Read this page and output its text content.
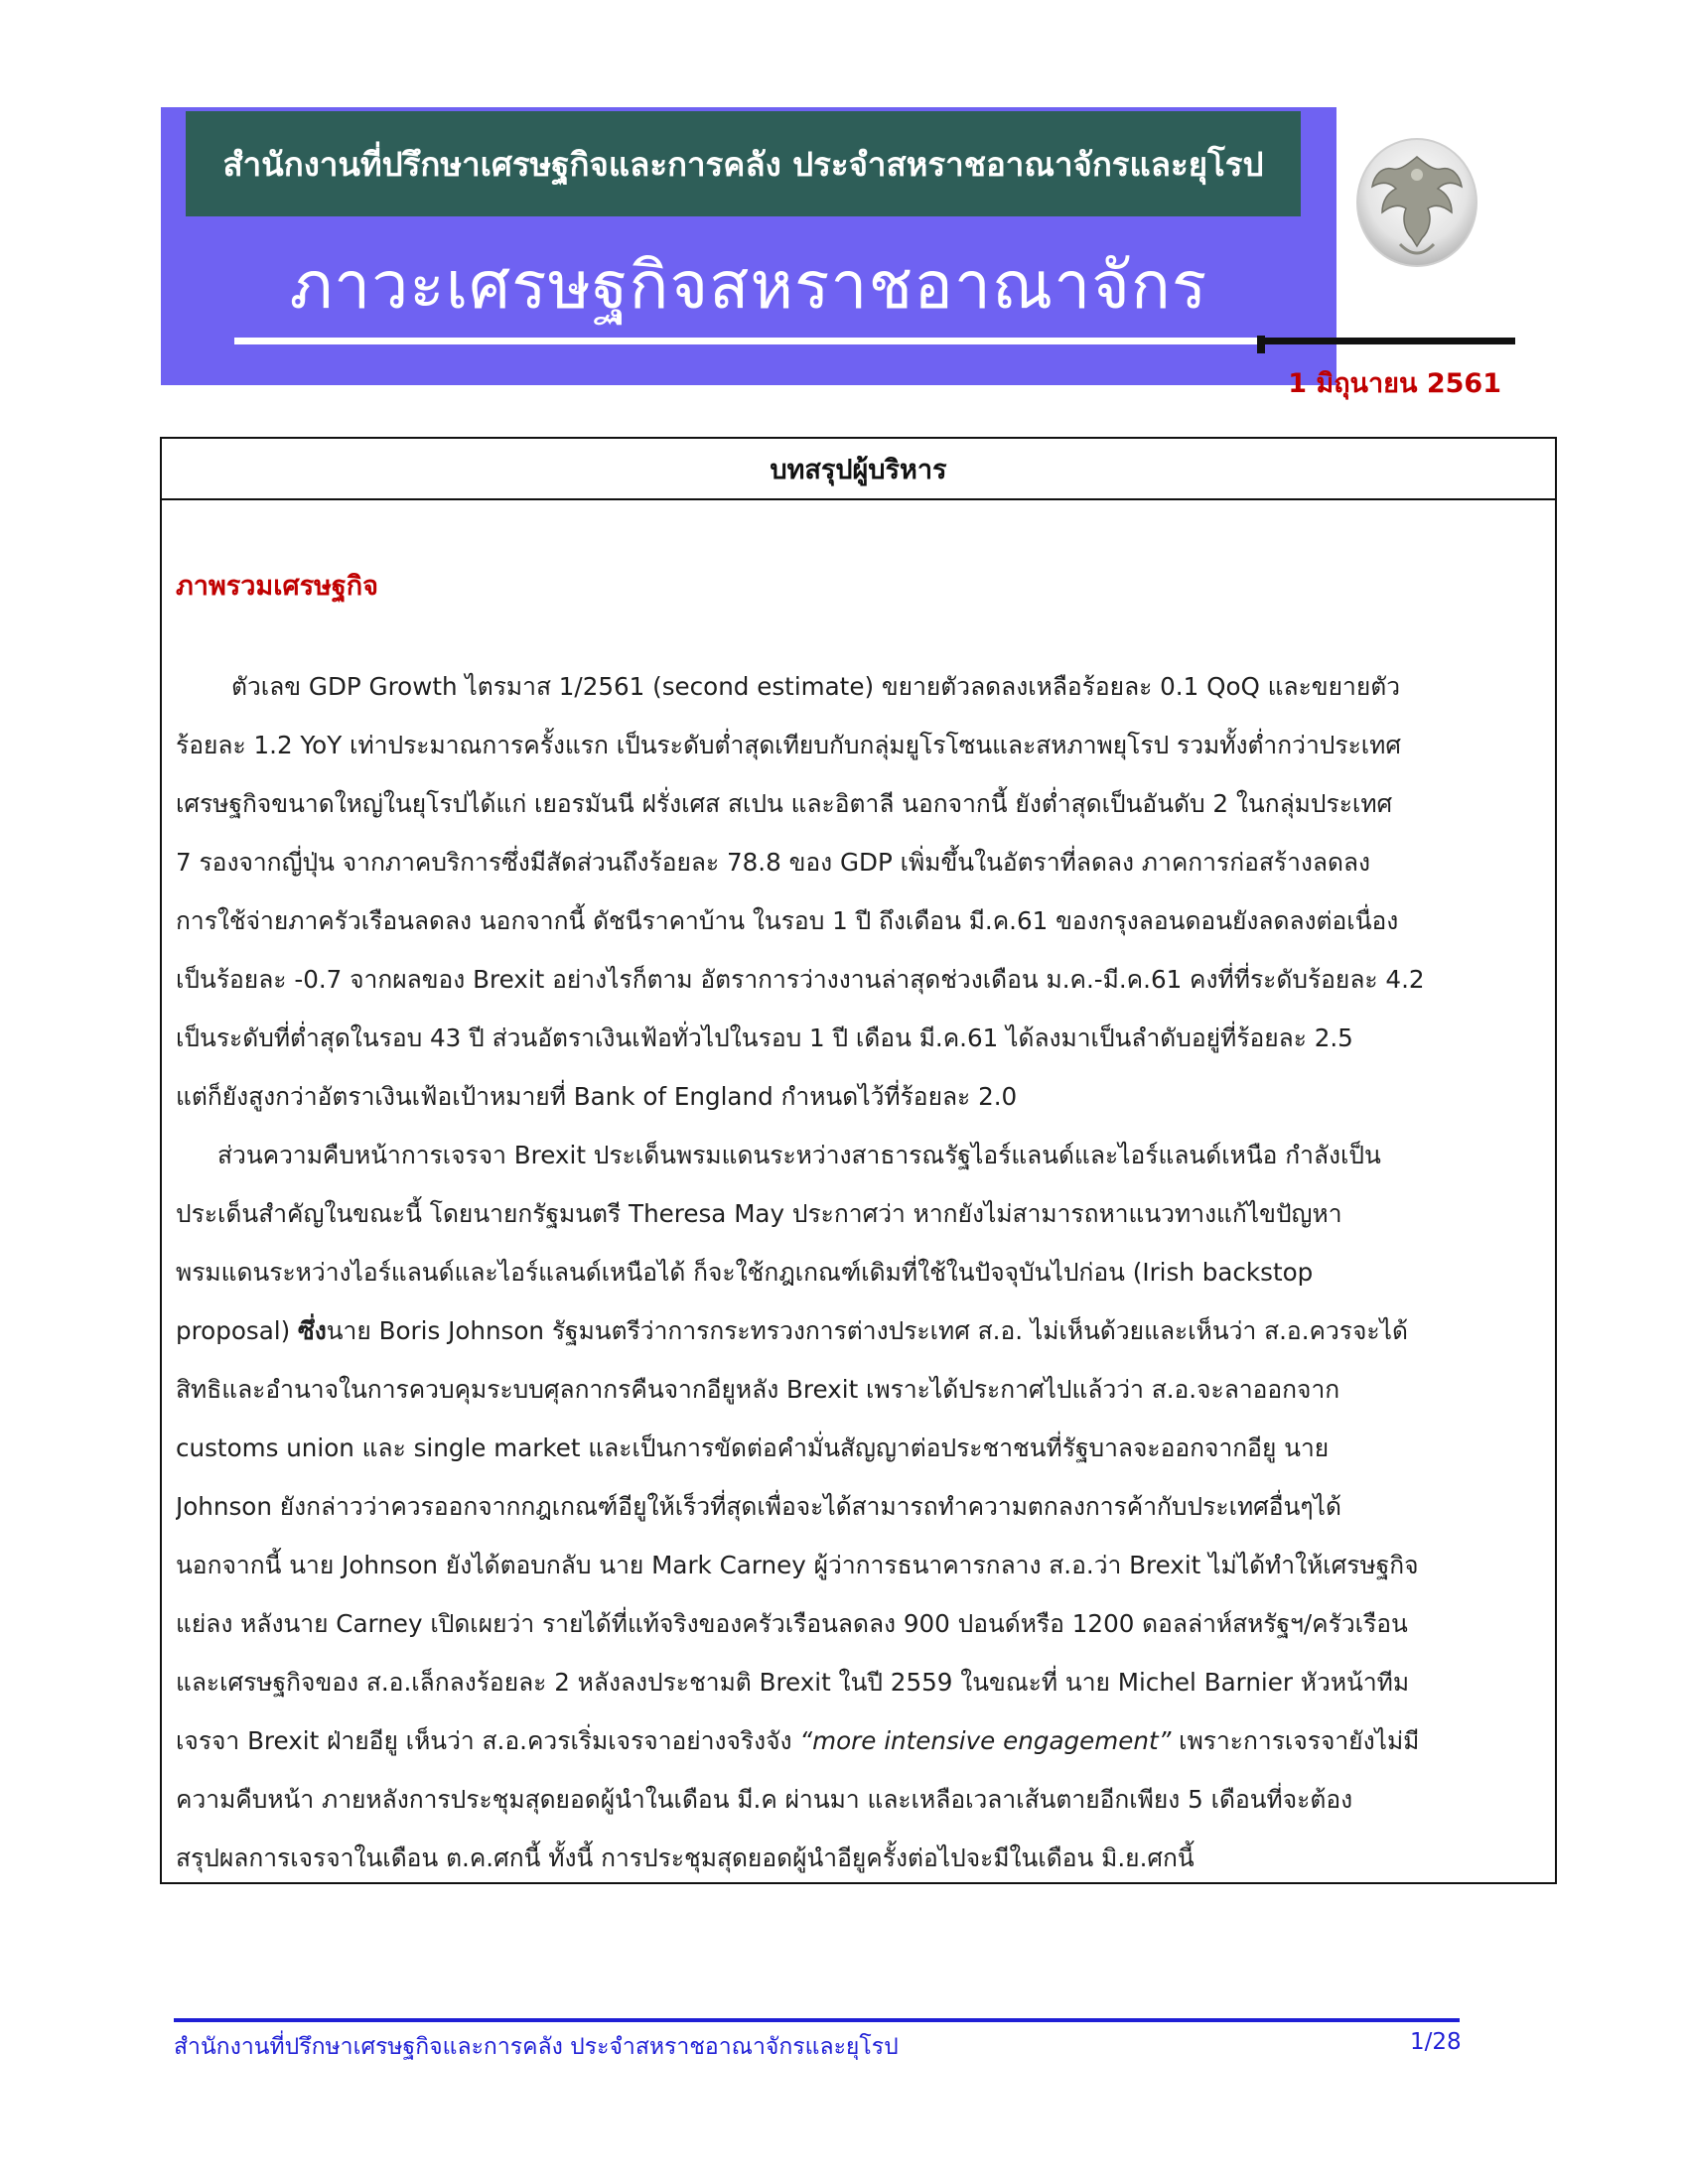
สำนักงานที่ปรึกษาเศรษฐกิจและการคลัง ประจำสหราชอาณาจักรและยุโรป
ภาวะเศรษฐกิจสหราชอาณาจักร
1 มิถุนายน 2561
บทสรุปผู้บริหาร
ภาพรวมเศรษฐกิจ
ตัวเลข GDP Growth ไตรมาส 1/2561 (second estimate) ขยายตัวลดลงเหลือร้อยละ 0.1 QoQ และขยายตัว
ร้อยละ 1.2 YoY เท่าประมาณการครั้งแรก เป็นระดับต่ำสุดเทียบกับกลุ่มยูโรโซนและสหภาพยุโรป รวมทั้งต่ำกว่าประเทศ
เศรษฐกิจขนาดใหญ่ในยุโรปได้แก่ เยอรมันนี ฝรั่งเศส สเปน และอิตาลี นอกจากนี้ ยังต่ำสุดเป็นอันดับ 2 ในกลุ่มประเทศ
7 รองจากญี่ปุ่น จากภาคบริการซึ่งมีสัดส่วนถึงร้อยละ 78.8 ของ GDP เพิ่มขึ้นในอัตราที่ลดลง ภาคการก่อสร้างลดลง
การใช้จ่ายภาครัวเรือนลดลง นอกจากนี้ ดัชนีราคาบ้าน ในรอบ 1 ปี ถึงเดือน มี.ค.61 ของกรุงลอนดอนยังลดลงต่อเนื่อง
เป็นร้อยละ -0.7 จากผลของ Brexit อย่างไรก็ตาม อัตราการว่างงานล่าสุดช่วงเดือน ม.ค.-มี.ค.61 คงที่ที่ระดับร้อยละ 4.2
เป็นระดับที่ต่ำสุดในรอบ 43 ปี ส่วนอัตราเงินเฟ้อทั่วไปในรอบ 1 ปี เดือน มี.ค.61 ได้ลงมาเป็นลำดับอยู่ที่ร้อยละ 2.5
แต่ก็ยังสูงกว่าอัตราเงินเฟ้อเป้าหมายที่ Bank of England กำหนดไว้ที่ร้อยละ 2.0
ส่วนความคืบหน้าการเจรจา Brexit ประเด็นพรมแดนระหว่างสาธารณรัฐไอร์แลนด์และไอร์แลนด์เหนือ กำลังเป็น
ประเด็นสำคัญในขณะนี้ โดยนายกรัฐมนตรี Theresa May ประกาศว่า หากยังไม่สามารถหาแนวทางแก้ไขปัญหา
พรมแดนระหว่างไอร์แลนด์และไอร์แลนด์เหนือได้ ก็จะใช้กฎเกณฑ์เดิมที่ใช้ในปัจจุบันไปก่อน (Irish backstop
proposal) ซึ่งนาย Boris Johnson รัฐมนตรีว่าการกระทรวงการต่างประเทศ ส.อ. ไม่เห็นด้วยและเห็นว่า ส.อ.ควรจะได้
สิทธิและอำนาจในการควบคุมระบบศุลกากรคืนจากอียูหลัง Brexit เพราะได้ประกาศไปแล้วว่า ส.อ.จะลาออกจาก
customs union และ single market และเป็นการขัดต่อคำมั่นสัญญาต่อประชาชนที่รัฐบาลจะออกจากอียู นาย
Johnson ยังกล่าวว่าควรออกจากกฎเกณฑ์อียูให้เร็วที่สุดเพื่อจะได้สามารถทำความตกลงการค้ากับประเทศอื่นๆได้
นอกจากนี้ นาย Johnson ยังได้ตอบกลับ นาย Mark Carney ผู้ว่าการธนาคารกลาง ส.อ.ว่า Brexit ไม่ได้ทำให้เศรษฐกิจ
แย่ลง หลังนาย Carney เปิดเผยว่า รายได้ที่แท้จริงของครัวเรือนลดลง 900 ปอนด์หรือ 1200 ดอลล่าห์สหรัฐฯ/ครัวเรือน
และเศรษฐกิจของ ส.อ.เล็กลงร้อยละ 2 หลังลงประชามติ Brexit ในปี 2559 ในขณะที่ นาย Michel Barnier หัวหน้าทีม
เจรจา Brexit ฝ่ายอียู เห็นว่า ส.อ.ควรเริ่มเจรจาอย่างจริงจัง “more intensive engagement” เพราะการเจรจายังไม่มี
ความคืบหน้า ภายหลังการประชุมสุดยอดผู้นำในเดือน มี.ค ผ่านมา และเหลือเวลาเส้นตายอีกเพียง 5 เดือนที่จะต้อง
สรุปผลการเจรจาในเดือน ต.ค.ศกนี้ ทั้งนี้ การประชุมสุดยอดผู้นำอียูครั้งต่อไปจะมีในเดือน มิ.ย.ศกนี้
สำนักงานที่ปรึกษาเศรษฐกิจและการคลัง ประจำสหราชอาณาจักรและยุโรป	1/28
